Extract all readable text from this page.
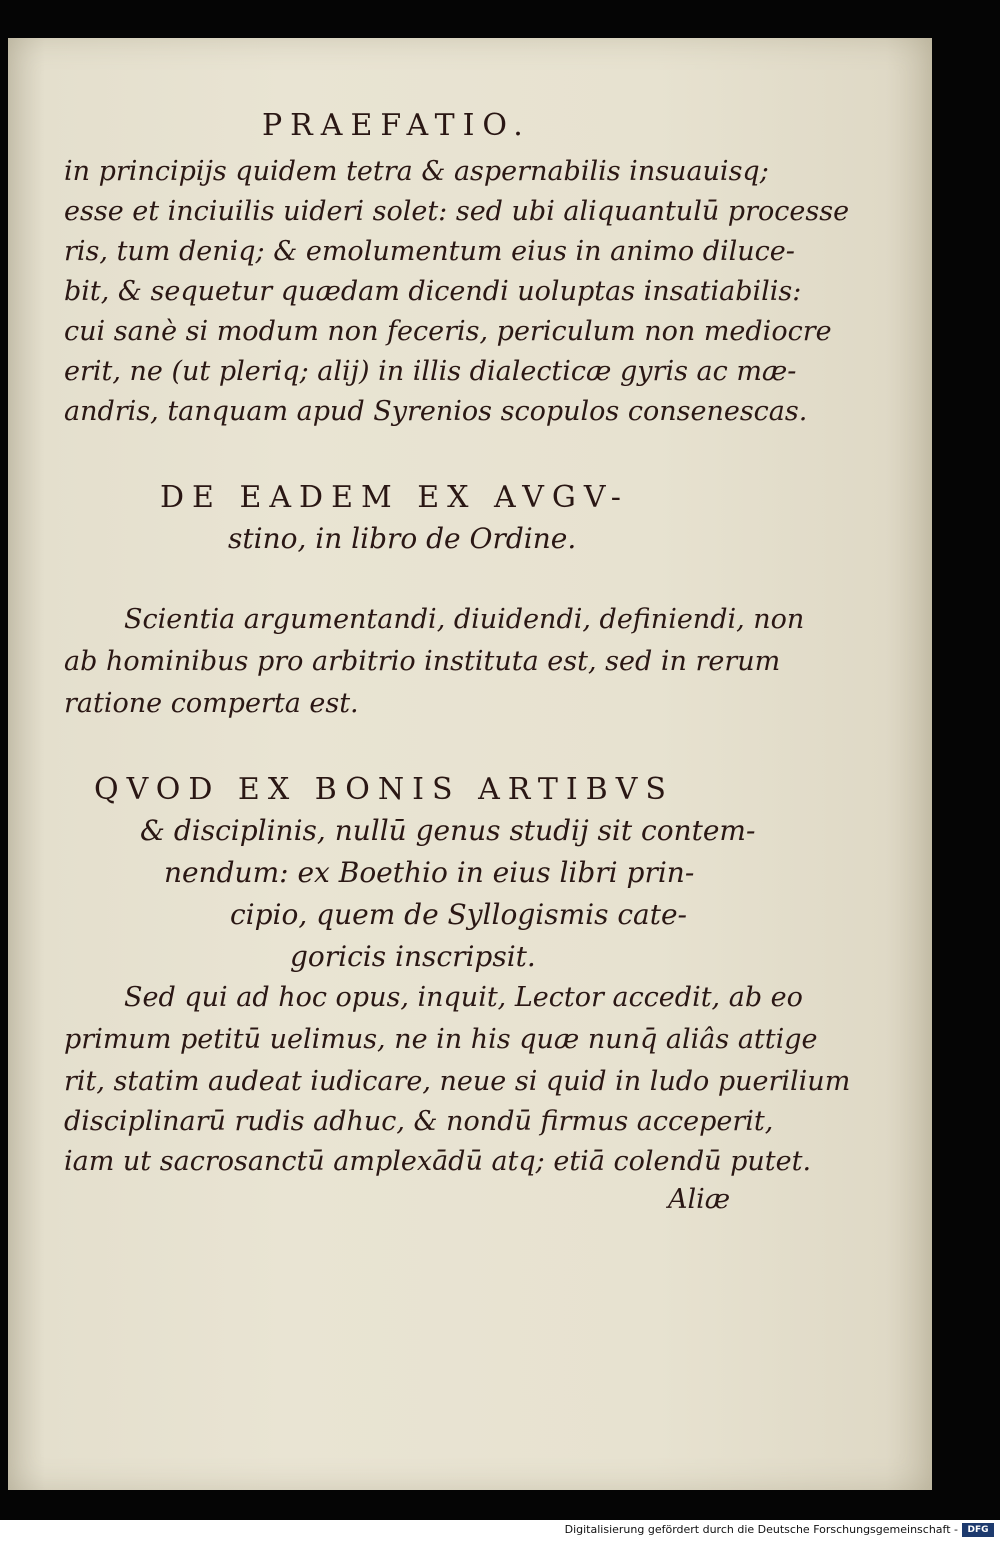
PRAEFATIO.
in principijs quidem tetra & aspernabilis insuauisq;
esse et inciuilis uideri solet: sed ubi aliquantulū processe
ris, tum deniq; & emolumentum eius in animo diluce-
bit, & sequetur quædam dicendi uoluptas insatiabilis:
cui sanè si modum non feceris, periculum non mediocre
erit, ne (ut pleriq; alij) in illis dialecticæ gyris ac mæ-
andris, tanquam apud Syrenios scopulos consenescas.
DE EADEM EX AVGV-
stino, in libro de Ordine.
Scientia argumentandi, diuidendi, definiendi, non
ab hominibus pro arbitrio instituta est, sed in rerum
ratione comperta est.
QVOD EX BONIS ARTIBVS
& disciplinis, nullū genus studij sit contem-
nendum: ex Boethio in eius libri prin-
cipio, quem de Syllogismis cate-
goricis inscripsit.
Sed qui ad hoc opus, inquit, Lector accedit, ab eo
primum petitū uelimus, ne in his quæ nunq̄ aliâs attige
rit, statim audeat iudicare, neue si quid in ludo puerilium
disciplinarū rudis adhuc, & nondū firmus acceperit,
iam ut sacrosanctū amplexādū atq; etiā colendū putet.
Aliæ
Digitalisierung gefördert durch die Deutsche Forschungsgemeinschaft -	DFG
